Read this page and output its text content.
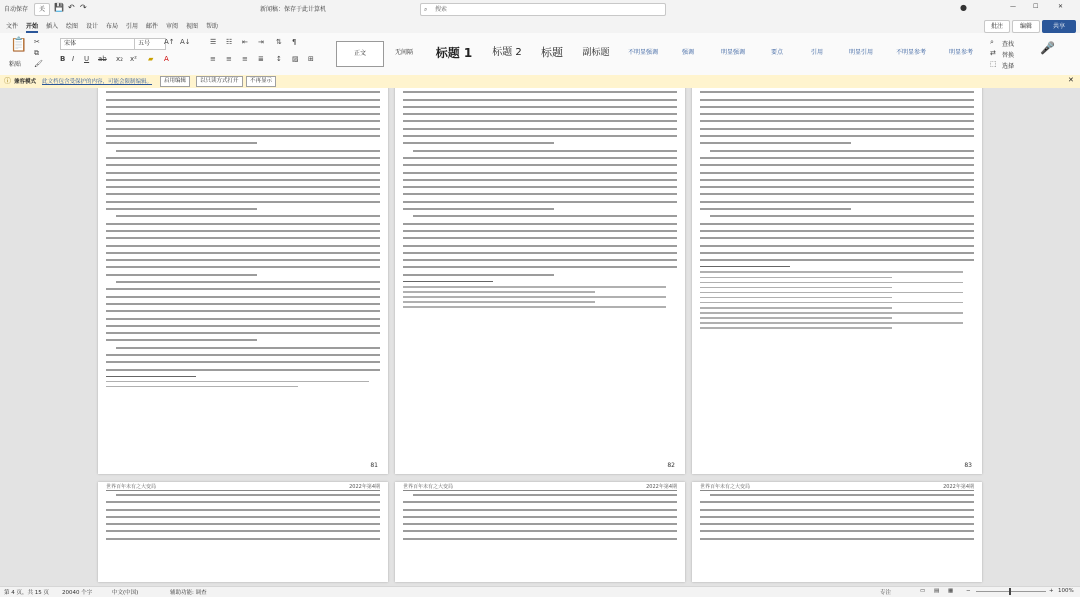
自动保存	关	💾 ↶ ↷	新闻稿：保存于此计算机	⌕ 搜索	●	—	☐	✕
文件 开始 插入 绘图 设计 布局 引用 邮件 审阅 视图 帮助	批注	编辑	共享
📋
粘贴
✂
⧉
🖌
宋体	五号	A↑ A↓
B I U ab x₂ x² ▰ A
☰ ☷ ⇤ ⇥ ⇅ ¶
≡ ≡ ≡ ≣ ↕ ▨ ⊞
正文	无间隔	标题 1	标题 2	标题	副标题	不明显强调	强调	明显强调	要点	引用	明显引用	不明显参考	明显参考
⌕ 查找
⇄ 替换
⬚ 选择
🎤
ⓘ 兼容模式 此文档包含受保护的内容，可能会限制编辑。	启用编辑	以只读方式打开	不再显示	✕
81	82	83
世界百年未有之大变局	2022年第4期	世界百年未有之大变局	2022年第4期	世界百年未有之大变局	2022年第4期
第 4 页，共 15 页 20040 个字	中文(中国)	辅助功能: 调查	专注	▭ ▤ ▦ −	+ 100%
